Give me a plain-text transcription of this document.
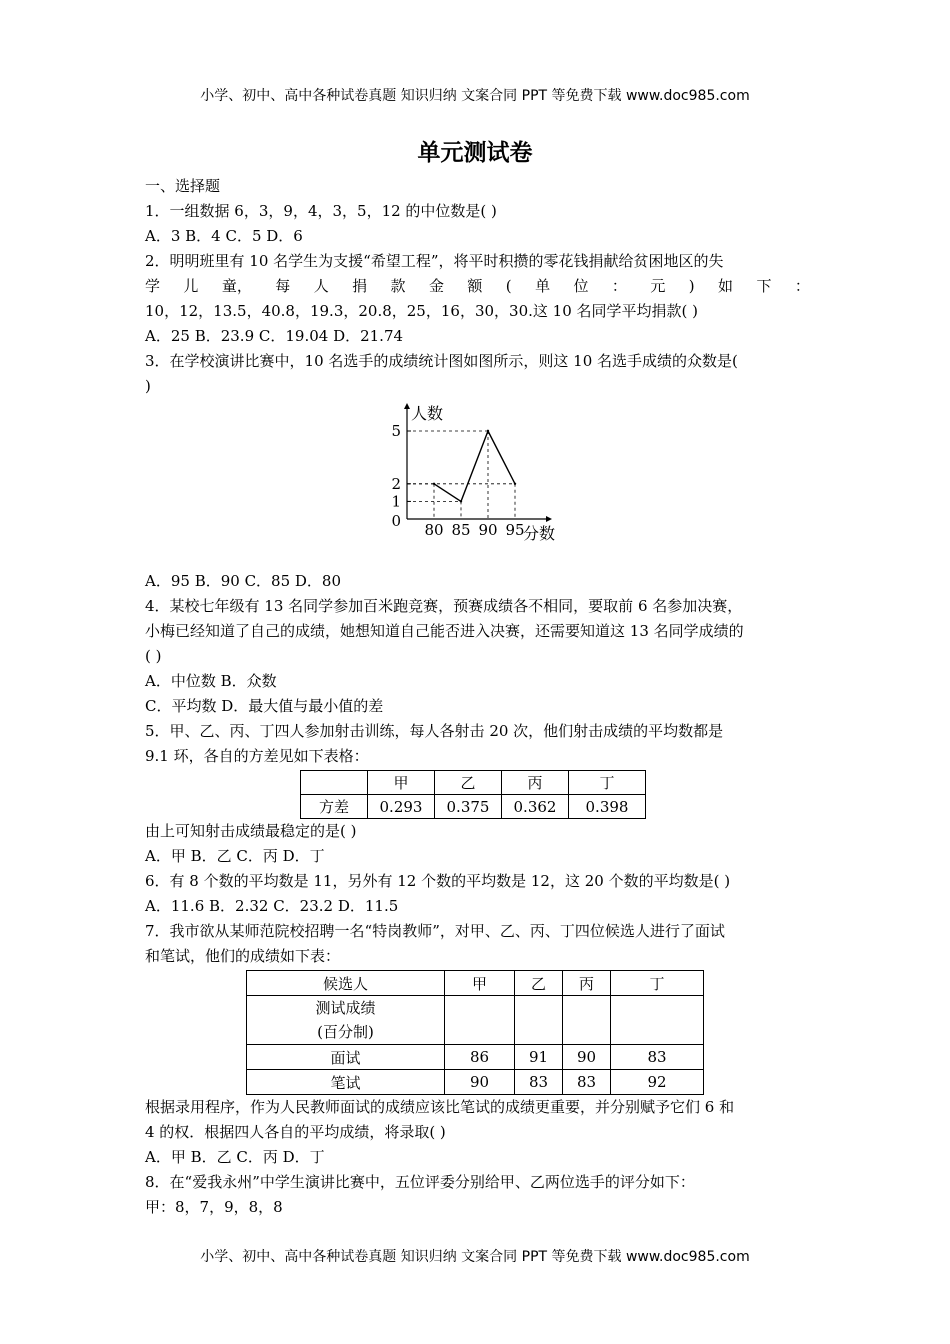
小学、初中、高中各种试卷真题 知识归纳 文案合同 PPT 等免费下载 www.doc985.com
单元测试卷
一、选择题
1．一组数据 6，3，9，4，3，5，12 的中位数是( )
A．3 B．4 C．5 D．6
2．明明班里有 10 名学生为支援“希望工程”，将平时积攒的零花钱捐献给贫困地区的失
学 儿 童， 每 人 捐 款 金 额 ( 单 位 ： 元 ) 如 下 ：
10，12，13.5，40.8，19.3，20.8，25，16，30，30.这 10 名同学平均捐款( )
A．25 B．23.9 C．19.04 D．21.74
3．在学校演讲比赛中，10 名选手的成绩统计图如图所示，则这 10 名选手成绩的众数是(
)
1
2
5
80 85 90 95
0
人数
分数
A．95 B．90 C．85 D．80
4．某校七年级有 13 名同学参加百米跑竞赛，预赛成绩各不相同，要取前 6 名参加决赛，
小梅已经知道了自己的成绩，她想知道自己能否进入决赛，还需要知道这 13 名同学成绩的
( )
A．中位数 B．众数
C．平均数 D．最大值与最小值的差
5．甲、乙、丙、丁四人参加射击训练，每人各射击 20 次，他们射击成绩的平均数都是
9.1 环，各自的方差见如下表格：
	甲	乙	丙	丁
方差	0.293	0.375	0.362	0.398
由上可知射击成绩最稳定的是( )
A．甲 B．乙 C．丙 D．丁
6．有 8 个数的平均数是 11，另外有 12 个数的平均数是 12，这 20 个数的平均数是( )
A．11.6 B．2.32 C．23.2 D．11.5
7．我市欲从某师范院校招聘一名“特岗教师”，对甲、乙、丙、丁四位候选人进行了面试
和笔试，他们的成绩如下表：
候选人	甲	乙	丙	丁

测试成绩
(百分制)				

面试	86	91	90	83
笔试	90	83	83	92
根据录用程序，作为人民教师面试的成绩应该比笔试的成绩更重要，并分别赋予它们 6 和
4 的权．根据四人各自的平均成绩，将录取( )
A．甲 B．乙 C．丙 D．丁
8．在“爱我永州”中学生演讲比赛中，五位评委分别给甲、乙两位选手的评分如下：
甲：8，7，9，8，8
小学、初中、高中各种试卷真题 知识归纳 文案合同 PPT 等免费下载 www.doc985.com
